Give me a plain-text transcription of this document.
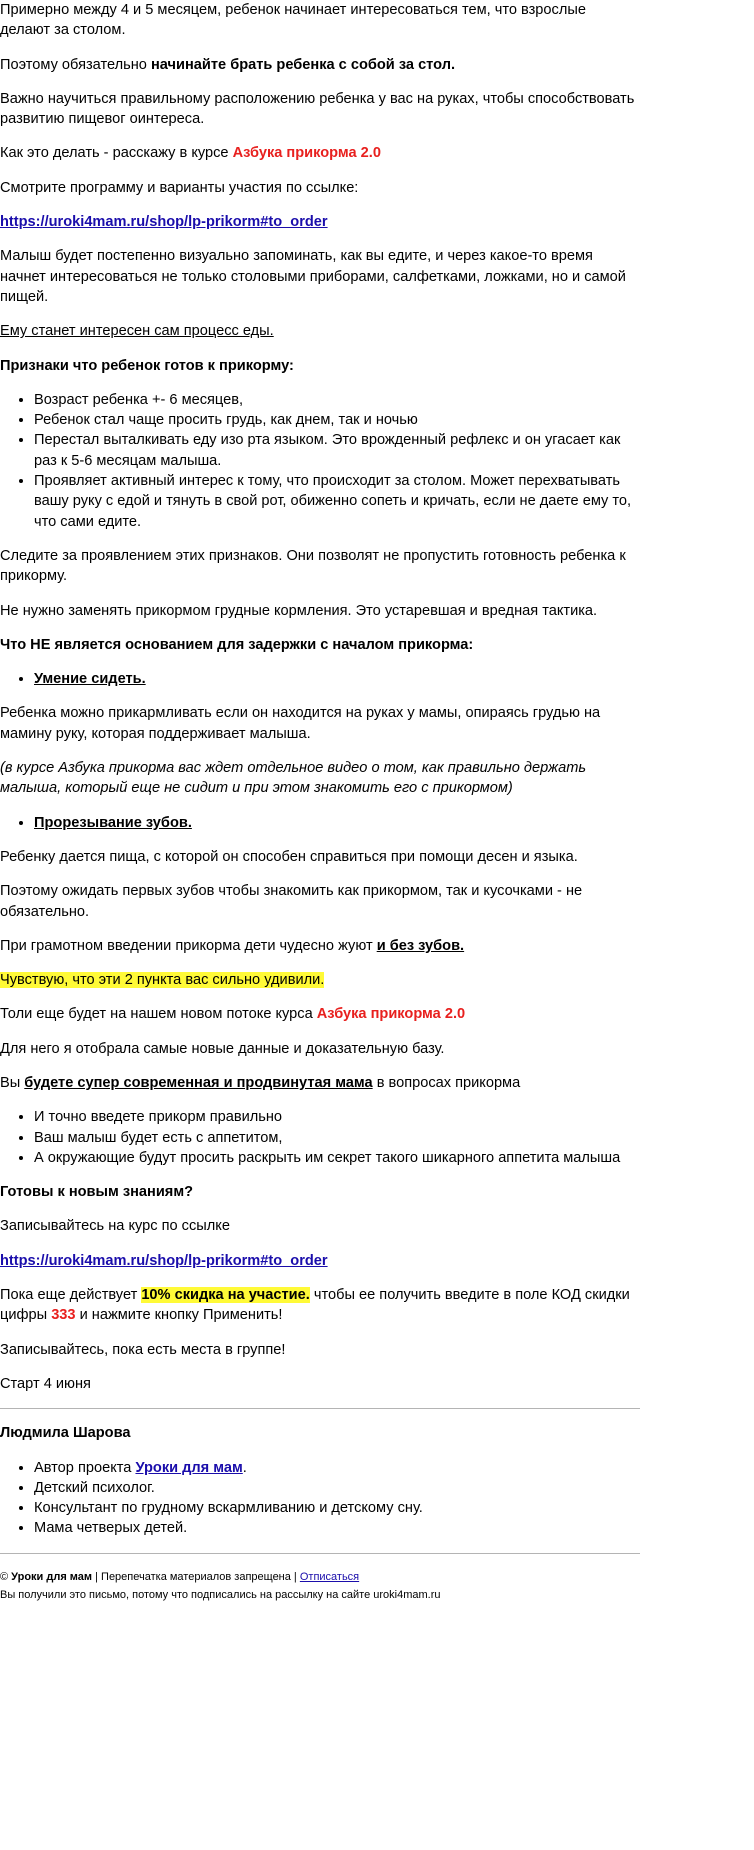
Примерно между 4 и 5 месяцем, ребенок начинает интересоваться тем, что взрослые делают за столом.

Поэтому обязательно начинайте брать ребенка с собой за стол.

Важно научиться правильному расположению ребенка у вас на руках, чтобы способствовать развитию пищевог оинтереса.

Как это делать - расскажу в курсе Азбука прикорма 2.0

Смотрите программу и варианты участия по ссылке:

https://uroki4mam.ru/shop/lp-prikorm#to_order

Малыш будет постепенно визуально запоминать, как вы едите, и через какое-то время начнет интересоваться не только столовыми приборами, салфетками, ложками, но и самой пищей.

Ему станет интересен сам процесс еды.

Признаки что ребенок готов к прикорму:

• Возраст ребенка +- 6 месяцев,
• Ребенок стал чаще просить грудь, как днем, так и ночью
• Перестал выталкивать еду изо рта языком. Это врожденный рефлекс и он угасает как раз к 5-6 месяцам малыша.
• Проявляет активный интерес к тому, что происходит за столом. Может перехватывать вашу руку с едой и тянуть в свой рот, обиженно сопеть и кричать, если не даете ему то, что сами едите.

Следите за проявлением этих признаков. Они позволят не пропустить готовность ребенка к прикорму.

Не нужно заменять прикормом грудные кормления. Это устаревшая и вредная тактика.

Что НЕ является основанием для задержки с началом прикорма:

• Умение сидеть.

Ребенка можно прикармливать если он находится на руках у мамы, опираясь грудью на мамину руку, которая поддерживает малыша.

(в курсе Азбука прикорма вас ждет отдельное видео о том, как правильно держать малыша, который еще не сидит и при этом знакомить его с прикормом)

• Прорезывание зубов.

Ребенку дается пища, с которой он способен справиться при помощи десен и языка.

Поэтому ожидать первых зубов чтобы знакомить как прикормом, так и кусочками - не обязательно.

При грамотном введении прикорма дети чудесно жуют и без зубов.

Чувствую, что эти 2 пункта вас сильно удивили.

Толи еще будет на нашем новом потоке курса Азбука прикорма 2.0

Для него я отобрала самые новые данные и доказательную базу.

Вы будете супер современная и продвинутая мама в вопросах прикорма

• И точно введете прикорм правильно
• Ваш малыш будет есть с аппетитом,
• А окружающие будут просить раскрыть им секрет такого шикарного аппетита малыша

Готовы к новым знаниям?

Записывайтесь на курс по ссылке

https://uroki4mam.ru/shop/lp-prikorm#to_order

Пока еще действует 10% скидка на участие. чтобы ее получить введите в поле КОД скидки цифры 333 и нажмите кнопку Применить!

Записывайтесь, пока есть места в группе!

Старт 4 июня

Людмила Шарова

• Автор проекта Уроки для мам.
• Детский психолог.
• Консультант по грудному вскармливанию и детскому сну.
• Мама четверых детей.

© Уроки для мам | Перепечатка материалов запрещена | Отписаться

Вы получили это письмо, потому что подписались на рассылку на сайте uroki4mam.ru
